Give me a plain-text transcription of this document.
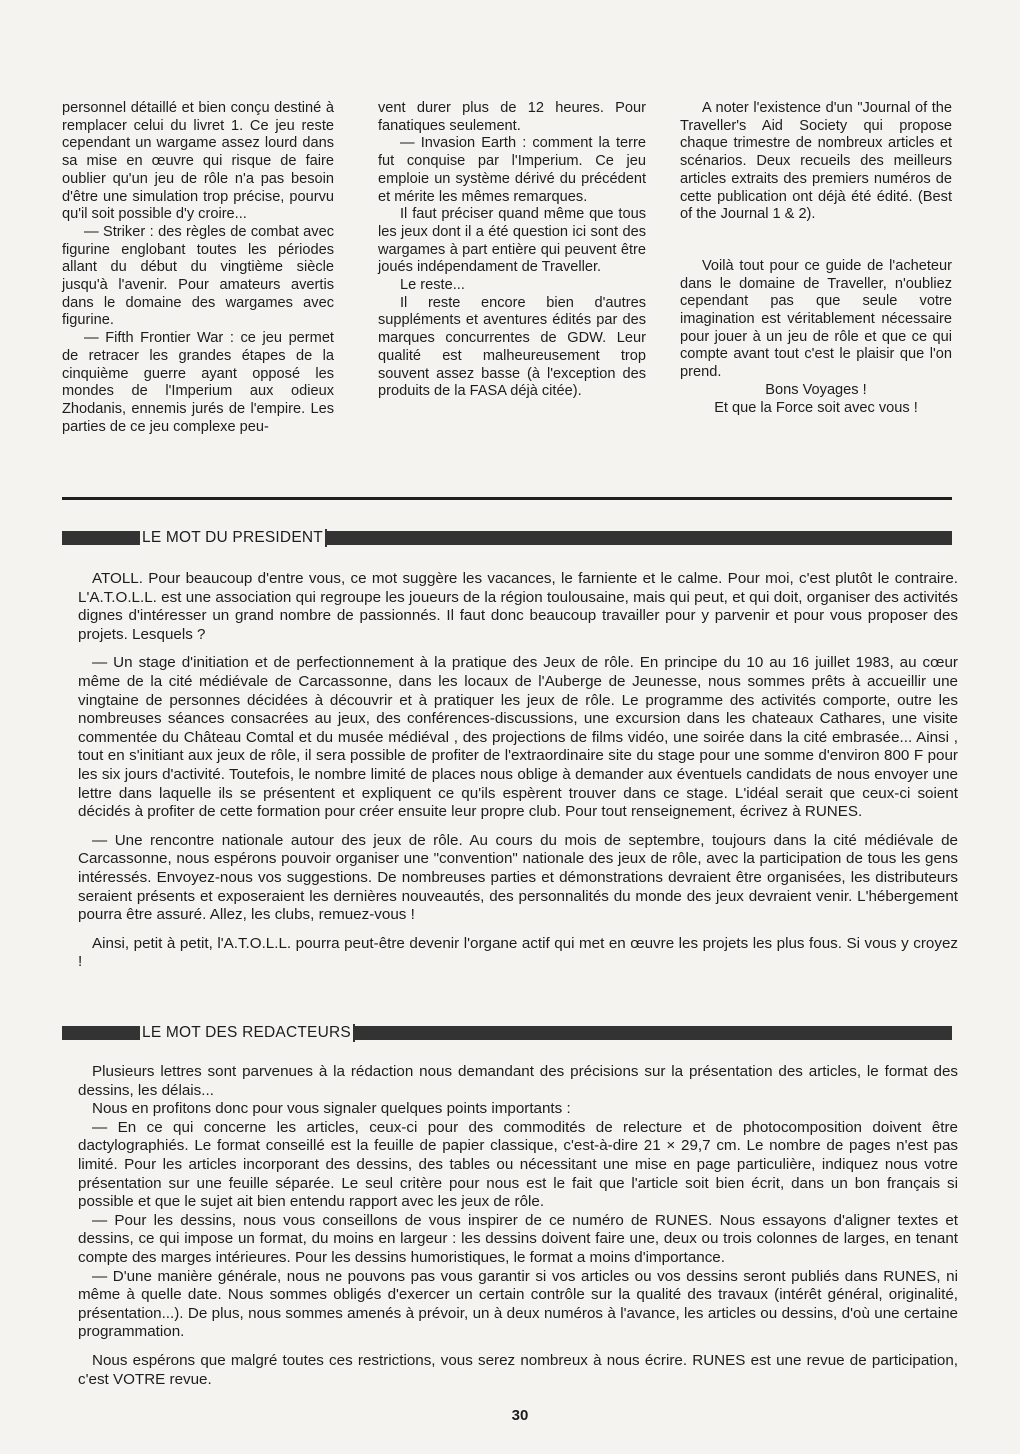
personnel détaillé et bien conçu destiné à remplacer celui du livret 1. Ce jeu reste cependant un wargame assez lourd dans sa mise en œuvre qui risque de faire oublier qu'un jeu de rôle n'a pas besoin d'être une simulation trop précise, pourvu qu'il soit possible d'y croire...

— Striker : des règles de combat avec figurine englobant toutes les périodes allant du début du vingtième siècle jusqu'à l'avenir. Pour amateurs avertis dans le domaine des wargames avec figurine.

— Fifth Frontier War : ce jeu permet de retracer les grandes étapes de la cinquième guerre ayant opposé les mondes de l'Imperium aux odieux Zhodanis, ennemis jurés de l'empire. Les parties de ce jeu complexe peu-

vent durer plus de 12 heures. Pour fanatiques seulement.

— Invasion Earth : comment la terre fut conquise par l'Imperium. Ce jeu emploie un système dérivé du précédent et mérite les mêmes remarques.

Il faut préciser quand même que tous les jeux dont il a été question ici sont des wargames à part entière qui peuvent être joués indépendament de Traveller.

Le reste...

Il reste encore bien d'autres suppléments et aventures édités par des marques concurrentes de GDW. Leur qualité est malheureusement trop souvent assez basse (à l'exception des produits de la FASA déjà citée).

A noter l'existence d'un "Journal of the Traveller's Aid Society qui propose chaque trimestre de nombreux articles et scénarios. Deux recueils des meilleurs articles extraits des premiers numéros de cette publication ont déjà été édité. (Best of the Journal 1 & 2).

Voilà tout pour ce guide de l'acheteur dans le domaine de Traveller, n'oubliez cependant pas que seule votre imagination est véritablement nécessaire pour jouer à un jeu de rôle et que ce qui compte avant tout c'est le plaisir que l'on prend.

Bons Voyages !

Et que la Force soit avec vous !

LE MOT DU PRESIDENT

ATOLL. Pour beaucoup d'entre vous, ce mot suggère les vacances, le farniente et le calme. Pour moi, c'est plutôt le contraire. L'A.T.O.L.L. est une association qui regroupe les joueurs de la région toulousaine, mais qui peut, et qui doit, organiser des activités dignes d'intéresser un grand nombre de passionnés. Il faut donc beaucoup travailler pour y parvenir et pour vous proposer des projets. Lesquels ?

— Un stage d'initiation et de perfectionnement à la pratique des Jeux de rôle. En principe du 10 au 16 juillet 1983, au cœur même de la cité médiévale de Carcassonne, dans les locaux de l'Auberge de Jeunesse, nous sommes prêts à accueillir une vingtaine de personnes décidées à découvrir et à pratiquer les jeux de rôle. Le programme des activités comporte, outre les nombreuses séances consacrées au jeux, des conférences-discussions, une excursion dans les chateaux Cathares, une visite commentée du Château Comtal et du musée médiéval , des projections de films vidéo, une soirée dans la cité embrasée... Ainsi , tout en s'initiant aux jeux de rôle, il sera possible de profiter de l'extraordinaire site du stage pour une somme d'environ 800 F pour les six jours d'activité. Toutefois, le nombre limité de places nous oblige à demander aux éventuels candidats de nous envoyer une lettre dans laquelle ils se présentent et expliquent ce qu'ils espèrent trouver dans ce stage. L'idéal serait que ceux-ci soient décidés à profiter de cette formation pour créer ensuite leur propre club. Pour tout renseignement, écrivez à RUNES.

— Une rencontre nationale autour des jeux de rôle. Au cours du mois de septembre, toujours dans la cité médiévale de Carcassonne, nous espérons pouvoir organiser une "convention" nationale des jeux de rôle, avec la participation de tous les gens intéressés. Envoyez-nous vos suggestions. De nombreuses parties et démonstrations devraient être organisées, les distributeurs seraient présents et exposeraient les dernières nouveautés, des personnalités du monde des jeux devraient venir. L'hébergement pourra être assuré. Allez, les clubs, remuez-vous !

Ainsi, petit à petit, l'A.T.O.L.L. pourra peut-être devenir l'organe actif qui met en œuvre les projets les plus fous. Si vous y croyez !

LE MOT DES REDACTEURS

Plusieurs lettres sont parvenues à la rédaction nous demandant des précisions sur la présentation des articles, le format des dessins, les délais...

Nous en profitons donc pour vous signaler quelques points importants :

— En ce qui concerne les articles, ceux-ci pour des commodités de relecture et de photocomposition doivent être dactylographiés. Le format conseillé est la feuille de papier classique, c'est-à-dire 21 × 29,7 cm. Le nombre de pages n'est pas limité. Pour les articles incorporant des dessins, des tables ou nécessitant une mise en page particulière, indiquez nous votre présentation sur une feuille séparée. Le seul critère pour nous est le fait que l'article soit bien écrit, dans un bon français si possible et que le sujet ait bien entendu rapport avec les jeux de rôle.

— Pour les dessins, nous vous conseillons de vous inspirer de ce numéro de RUNES. Nous essayons d'aligner textes et dessins, ce qui impose un format, du moins en largeur : les dessins doivent faire une, deux ou trois colonnes de larges, en tenant compte des marges intérieures. Pour les dessins humoristiques, le format a moins d'importance.

— D'une manière générale, nous ne pouvons pas vous garantir si vos articles ou vos dessins seront publiés dans RUNES, ni même à quelle date. Nous sommes obligés d'exercer un certain contrôle sur la qualité des travaux (intérêt général, originalité, présentation...). De plus, nous sommes amenés à prévoir, un à deux numéros à l'avance, les articles ou dessins, d'où une certaine programmation.

Nous espérons que malgré toutes ces restrictions, vous serez nombreux à nous écrire. RUNES est une revue de participation, c'est VOTRE revue.

30
